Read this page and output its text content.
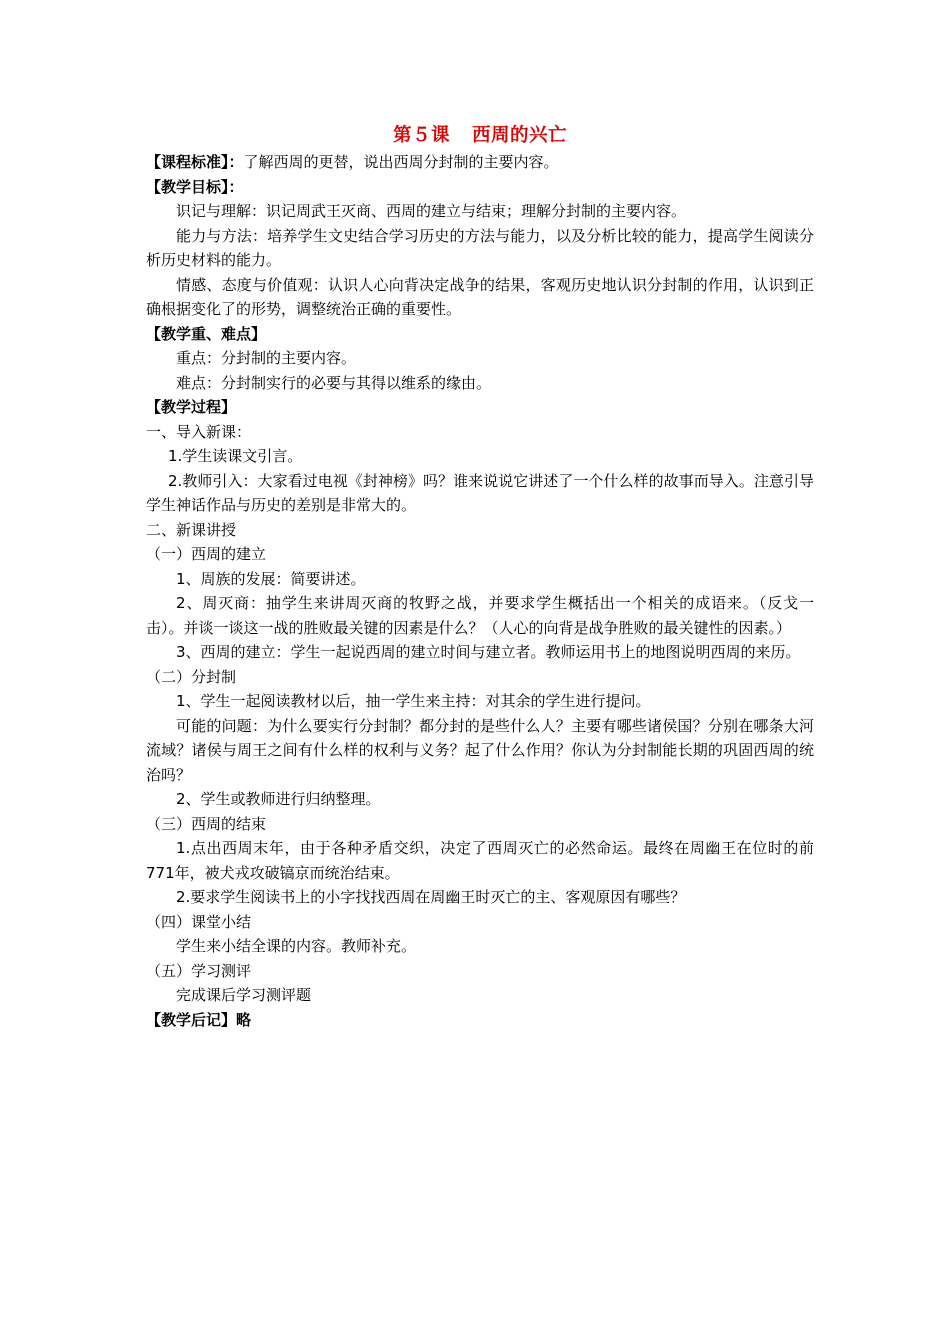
第５课 西周的兴亡

【课程标准】：了解西周的更替，说出西周分封制的主要内容。

【教学目标】：

识记与理解：识记周武王灭商、西周的建立与结束；理解分封制的主要内容。

能力与方法：培养学生文史结合学习历史的方法与能力，以及分析比较的能力，提高学生阅读分析历史材料的能力。

情感、态度与价值观：认识人心向背决定战争的结果，客观历史地认识分封制的作用，认识到正确根据变化了的形势，调整统治正确的重要性。

【教学重、难点】

重点：分封制的主要内容。

难点：分封制实行的必要与其得以维系的缘由。

【教学过程】

一、导入新课：

1.学生读课文引言。

2.教师引入：大家看过电视《封神榜》吗？谁来说说它讲述了一个什么样的故事而导入。注意引导学生神话作品与历史的差别是非常大的。

二、新课讲授

（一）西周的建立

1、周族的发展：简要讲述。

2、周灭商：抽学生来讲周灭商的牧野之战，并要求学生概括出一个相关的成语来。（反戈一击）。并谈一谈这一战的胜败最关键的因素是什么？（人心的向背是战争胜败的最关键性的因素。）

3、西周的建立：学生一起说西周的建立时间与建立者。教师运用书上的地图说明西周的来历。

（二）分封制

1、学生一起阅读教材以后，抽一学生来主持：对其余的学生进行提问。

可能的问题：为什么要实行分封制？都分封的是些什么人？主要有哪些诸侯国？分别在哪条大河流域？诸侯与周王之间有什么样的权利与义务？起了什么作用？你认为分封制能长期的巩固西周的统治吗？

2、学生或教师进行归纳整理。

（三）西周的结束

1.点出西周末年，由于各种矛盾交织，决定了西周灭亡的必然命运。最终在周幽王在位时的前771年，被犬戎攻破镐京而统治结束。

2.要求学生阅读书上的小字找找西周在周幽王时灭亡的主、客观原因有哪些？

（四）课堂小结

学生来小结全课的内容。教师补充。

（五）学习测评

完成课后学习测评题

【教学后记】略
